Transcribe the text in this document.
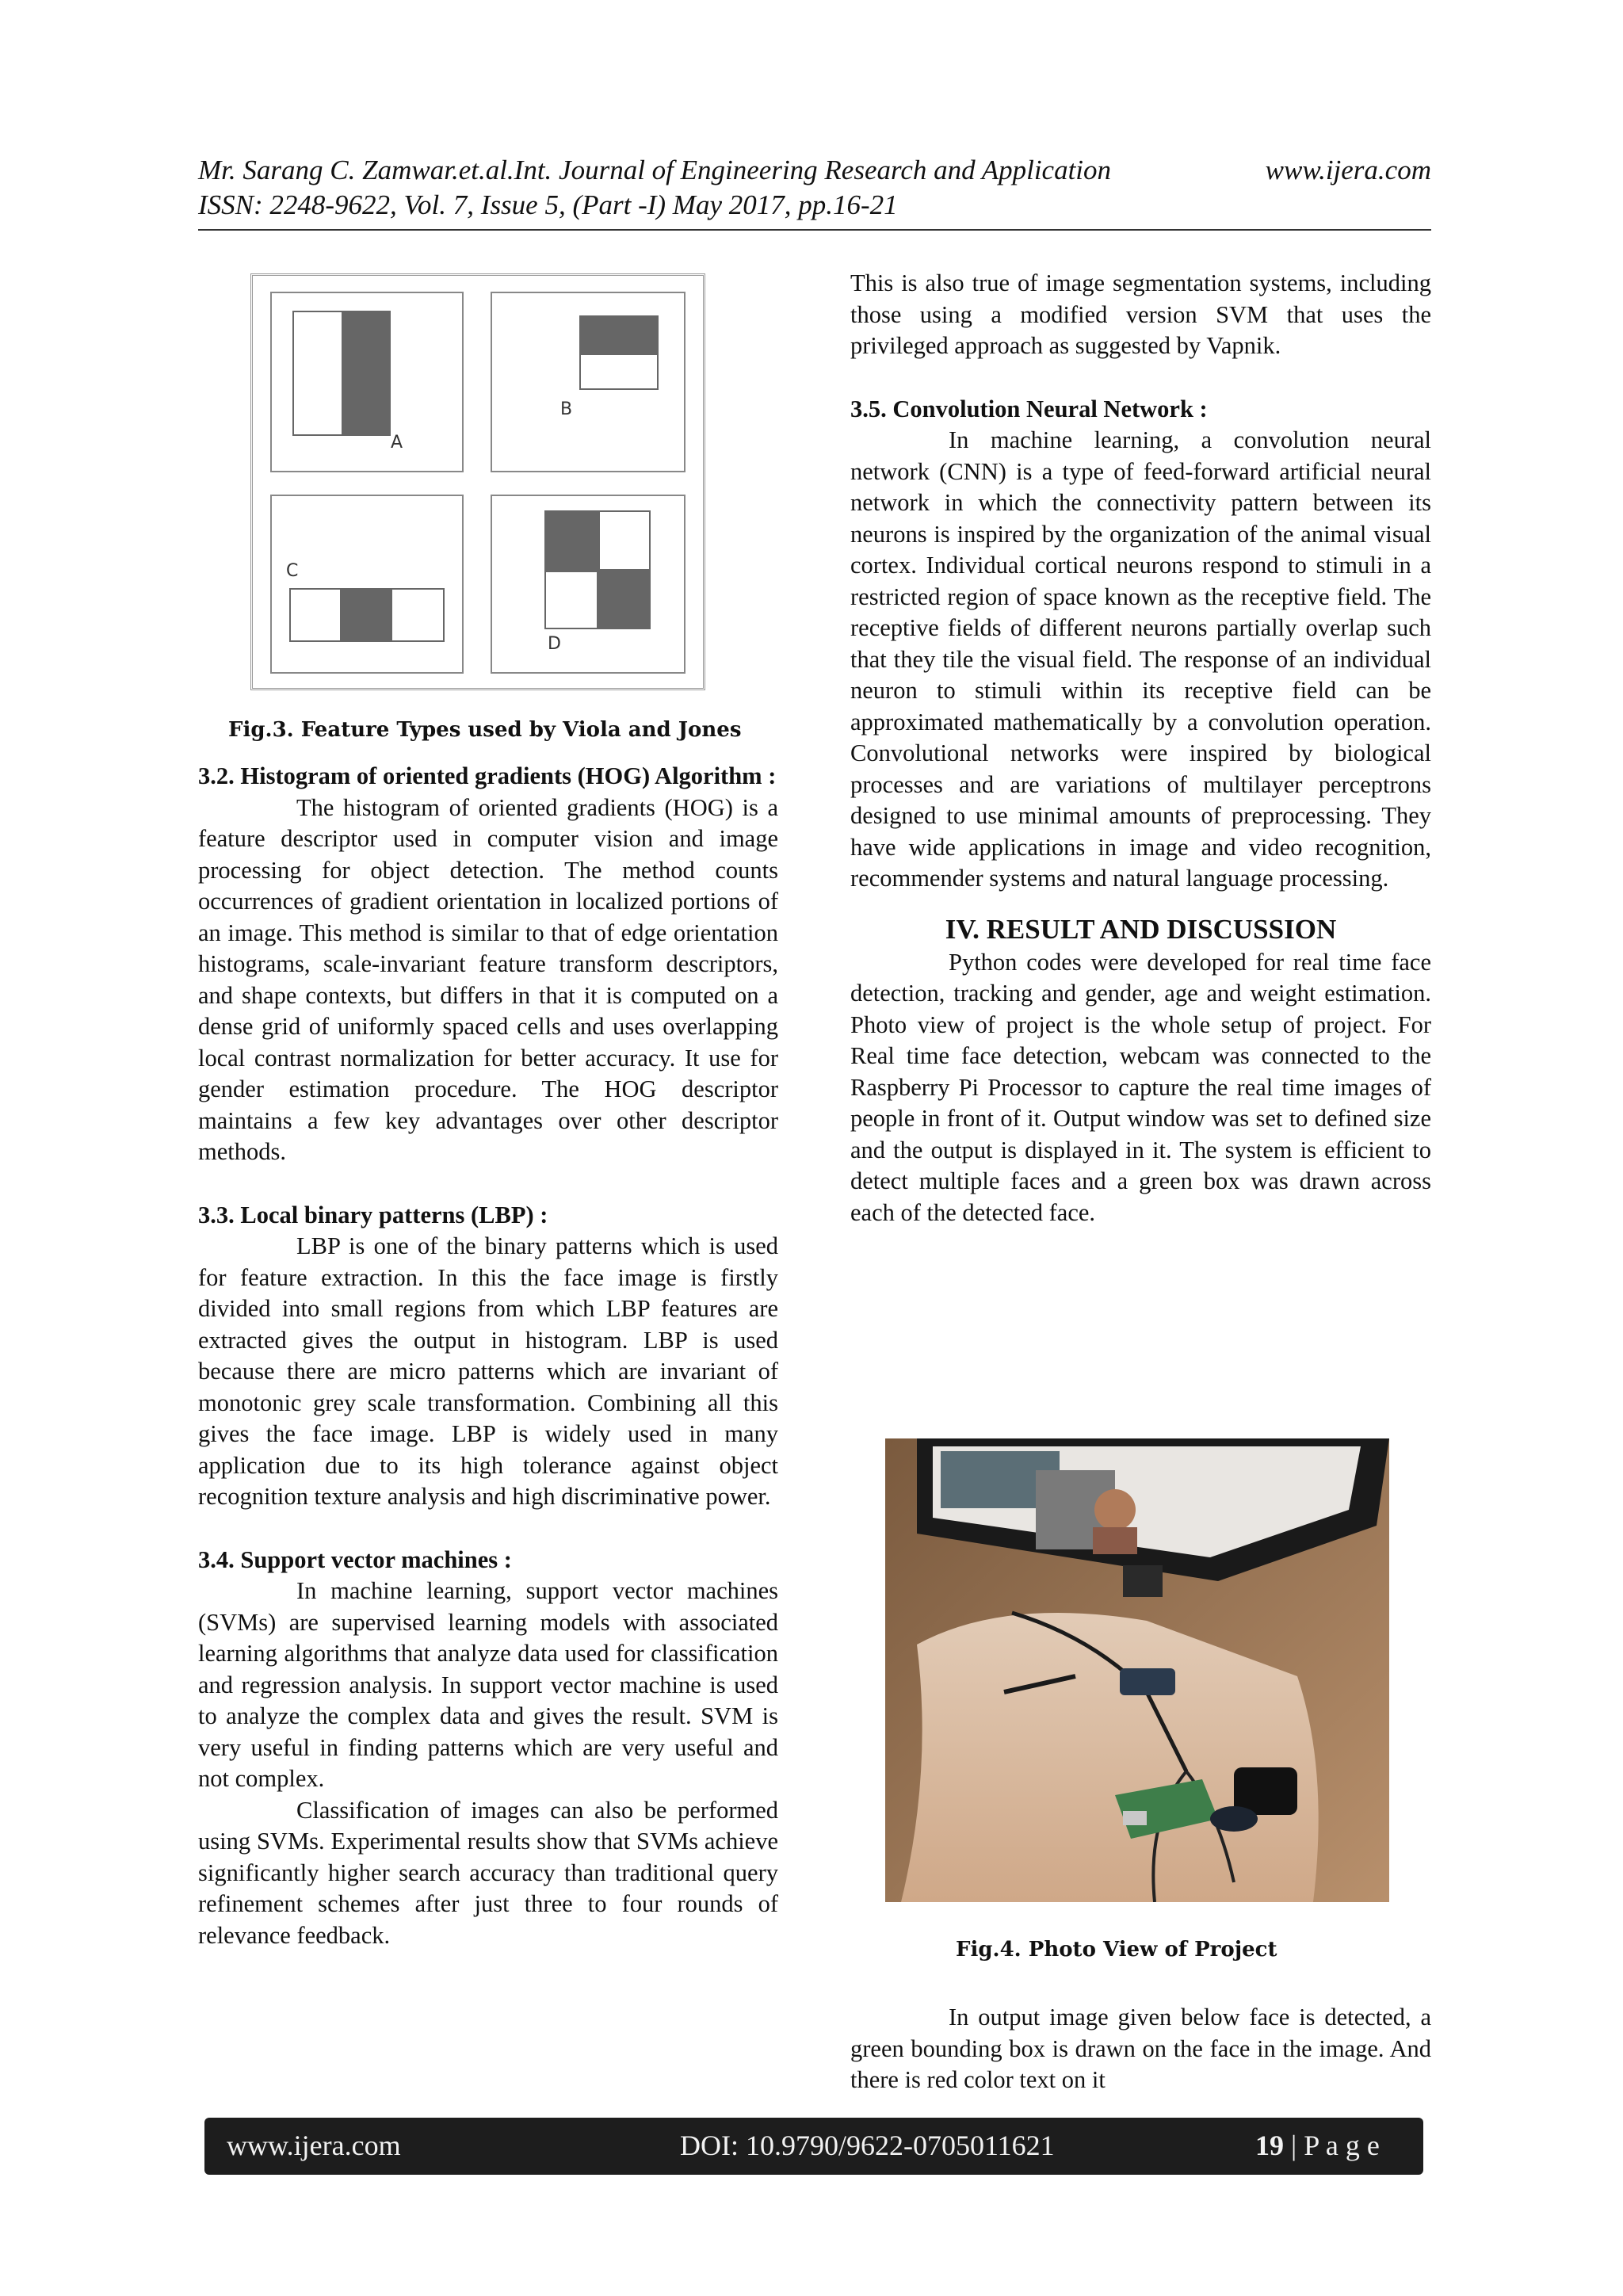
Mr. Sarang C. Zamwar.et.al.Int. Journal of Engineering Research and Application	www.ijera.com
ISSN: 2248-9622, Vol. 7, Issue 5, (Part -I) May 2017, pp.16-21
A
B
C
D
Fig.3. Feature Types used by Viola and Jones

3.2. Histogram of oriented gradients (HOG) Algorithm :

The histogram of oriented gradients (HOG) is a feature descriptor used in computer vision and image processing for object detection. The method counts occurrences of gradient orientation in localized portions of an image. This method is similar to that of edge orientation histograms, scale-invariant feature transform descriptors, and shape contexts, but differs in that it is computed on a dense grid of uniformly spaced cells and uses overlapping local contrast normalization for better accuracy. It use for gender estimation procedure. The HOG descriptor maintains a few key advantages over other descriptor methods.

3.3. Local binary patterns (LBP) :

LBP is one of the binary patterns which is used for feature extraction. In this the face image is firstly divided into small regions from which LBP features are extracted gives the output in histogram. LBP is used because there are micro patterns which are invariant of monotonic grey scale transformation. Combining all this gives the face image. LBP is widely used in many application due to its high tolerance against object recognition texture analysis and high discriminative power.

3.4. Support vector machines :

In machine learning, support vector machines (SVMs) are supervised learning models with associated learning algorithms that analyze data used for classification and regression analysis. In support vector machine is used to analyze the complex data and gives the result. SVM is very useful in finding patterns which are very useful and not complex.

Classification of images can also be performed using SVMs. Experimental results show that SVMs achieve significantly higher search accuracy than traditional query refinement schemes after just three to four rounds of relevance feedback.

This is also true of image segmentation systems, including those using a modified version SVM that uses the privileged approach as suggested by Vapnik.

3.5. Convolution Neural Network :

In machine learning, a convolution neural network (CNN) is a type of feed-forward artificial neural network in which the connectivity pattern between its neurons is inspired by the organization of the animal visual cortex. Individual cortical neurons respond to stimuli in a restricted region of space known as the receptive field. The receptive fields of different neurons partially overlap such that they tile the visual field. The response of an individual neuron to stimuli within its receptive field can be approximated mathematically by a convolution operation. Convolutional networks were inspired by biological processes and are variations of multilayer perceptrons designed to use minimal amounts of preprocessing. They have wide applications in image and video recognition, recommender systems and natural language processing.

IV. RESULT AND DISCUSSION

Python codes were developed for real time face detection, tracking and gender, age and weight estimation. Photo view of project is the whole setup of project. For Real time face detection, webcam was connected to the Raspberry Pi Processor to capture the real time images of people in front of it. Output window was set to defined size and the output is displayed in it. The system is efficient to detect multiple faces and a green box was drawn across each of the detected face.

Fig.4. Photo View of Project

In output image given below face is detected, a green bounding box is drawn on the face in the image. And there is red color text on it

www.ijera.com	DOI: 10.9790/9622-0705011621	19 | P a g e
